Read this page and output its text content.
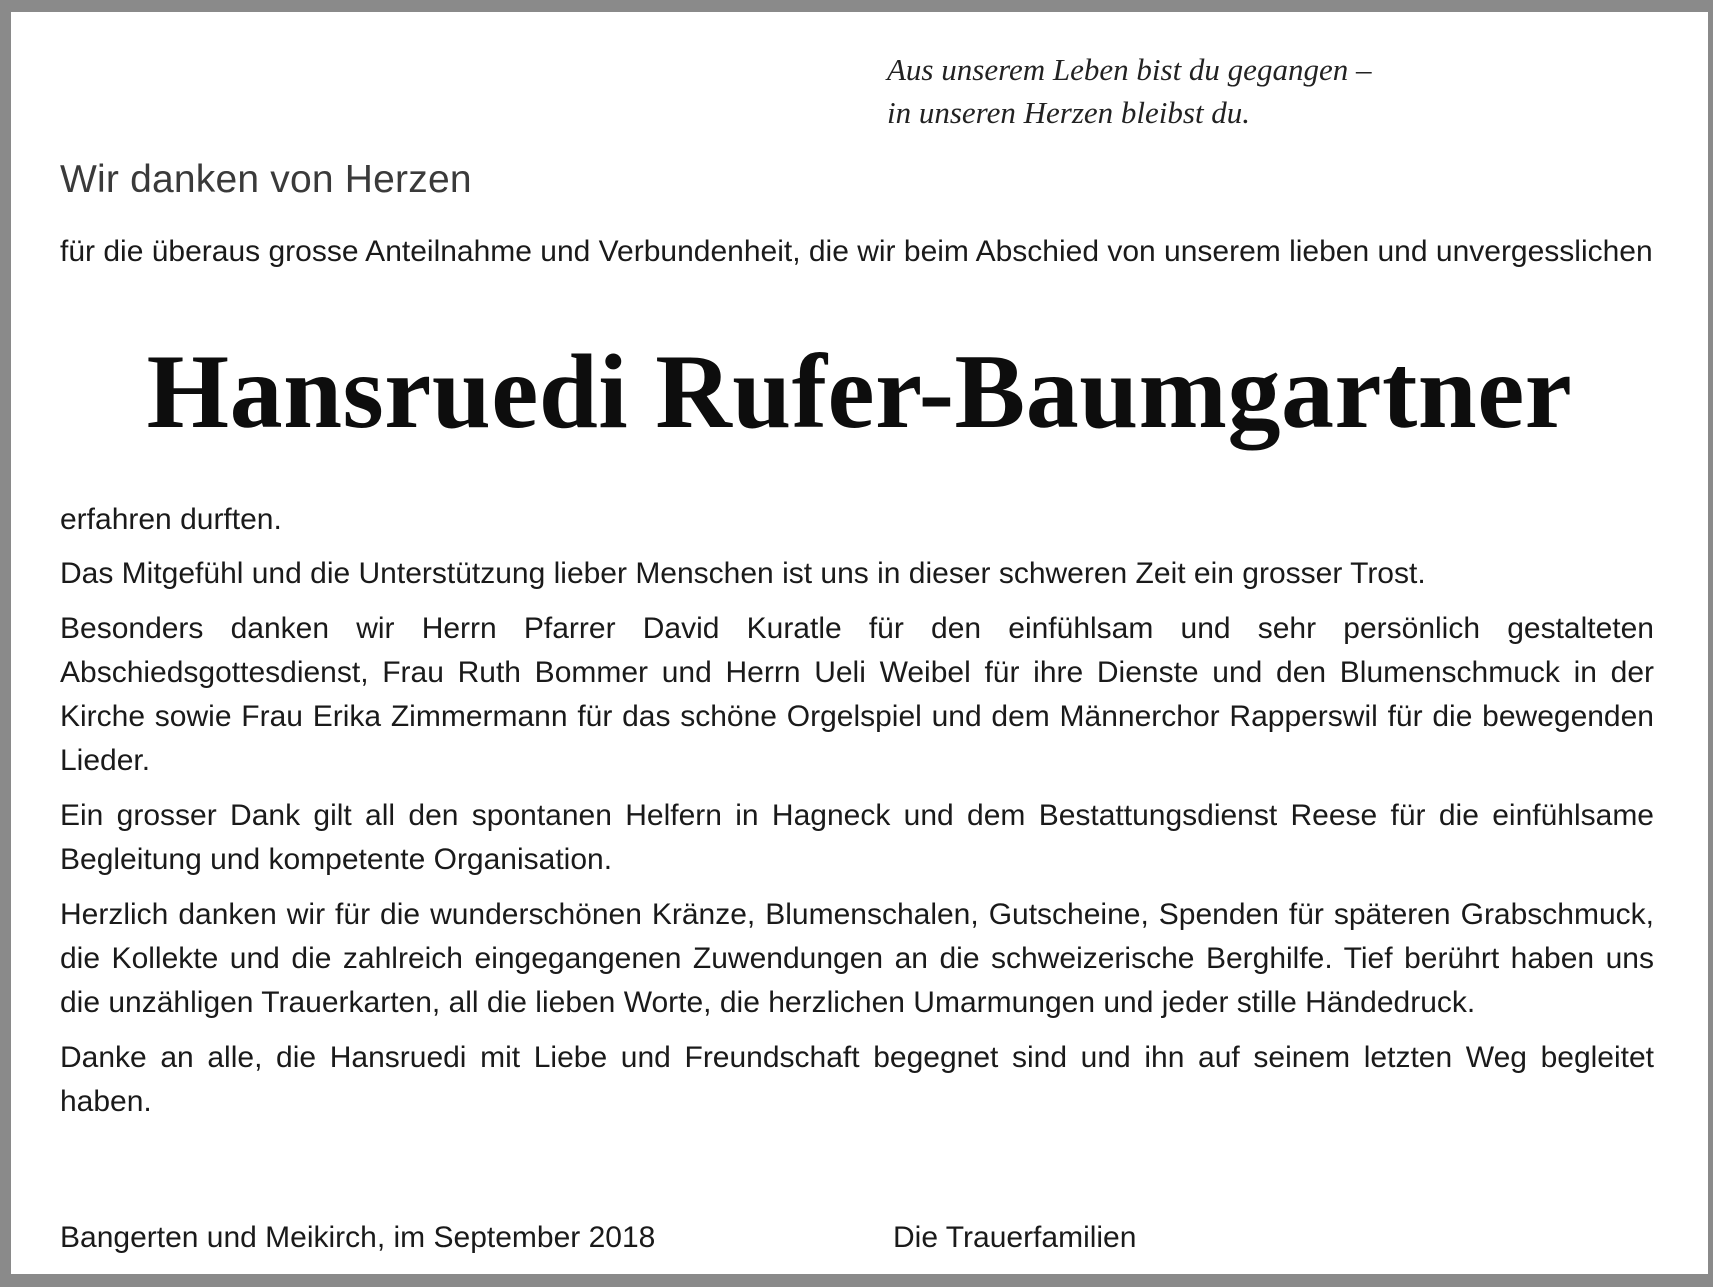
Aus unserem Leben bist du gegangen –
in unseren Herzen bleibst du.
Wir danken von Herzen

für die überaus grosse Anteilnahme und Verbundenheit, die wir beim Abschied von unserem lieben und unvergesslichen

Hansruedi Rufer-Baumgartner

erfahren durften.

Das Mitgefühl und die Unterstützung lieber Menschen ist uns in dieser schweren Zeit ein grosser Trost.

Besonders danken wir Herrn Pfarrer David Kuratle für den einfühlsam und sehr persönlich gestalteten Abschiedsgottesdienst, Frau Ruth Bommer und Herrn Ueli Weibel für ihre Dienste und den Blumenschmuck in der Kirche sowie Frau Erika Zimmermann für das schöne Orgelspiel und dem Männerchor Rapperswil für die bewegenden Lieder.

Ein grosser Dank gilt all den spontanen Helfern in Hagneck und dem Bestattungsdienst Reese für die einfühlsame Begleitung und kompetente Organisation.

Herzlich danken wir für die wunderschönen Kränze, Blumenschalen, Gutscheine, Spenden für späteren Grabschmuck, die Kollekte und die zahlreich eingegangenen Zuwendungen an die schweizerische Berghilfe. Tief berührt haben uns die unzähligen Trauerkarten, all die lieben Worte, die herzlichen Umarmungen und jeder stille Händedruck.

Danke an alle, die Hansruedi mit Liebe und Freundschaft begegnet sind und ihn auf seinem letzten Weg begleitet haben.

Bangerten und Meikirch, im September 2018	Die Trauerfamilien
